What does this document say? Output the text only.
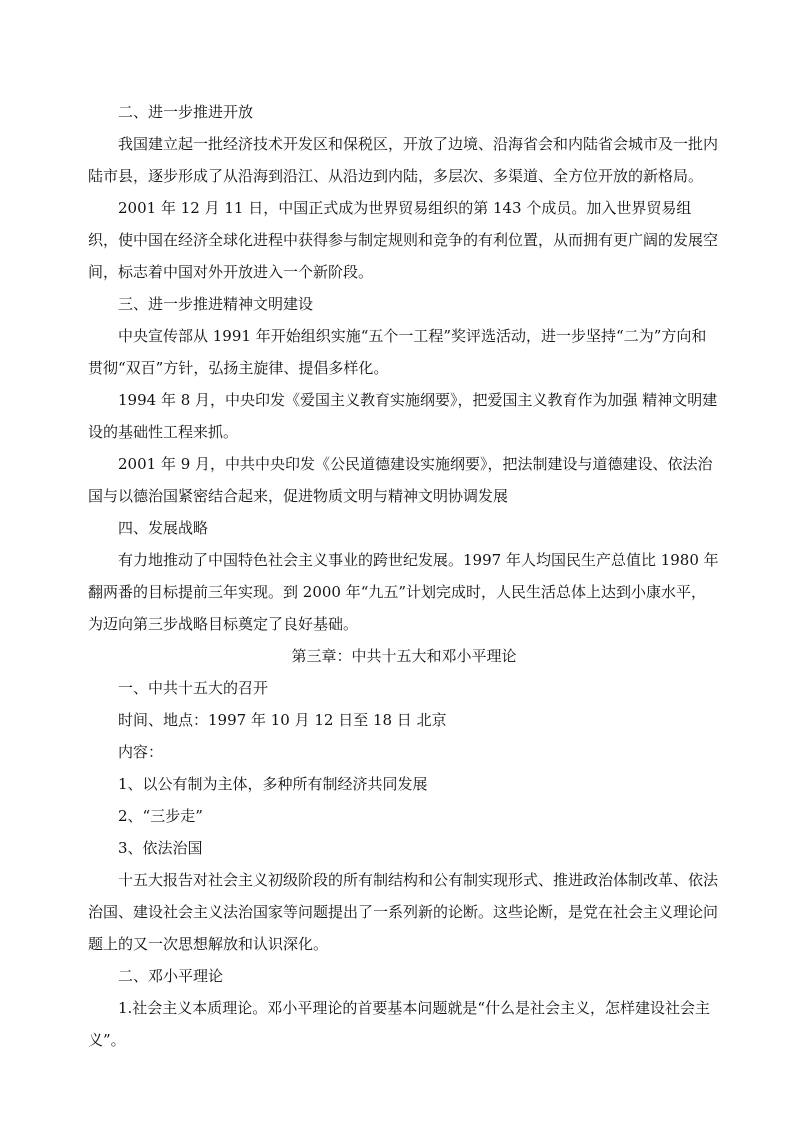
二、进一步推进开放

我国建立起一批经济技术开发区和保税区，开放了边境、沿海省会和内陆省会城市及一批内陆市县，逐步形成了从沿海到沿江、从沿边到内陆，多层次、多渠道、全方位开放的新格局。

2001 年 12 月 11 日，中国正式成为世界贸易组织的第 143 个成员。加入世界贸易组织，使中国在经济全球化进程中获得参与制定规则和竞争的有利位置，从而拥有更广阔的发展空间，标志着中国对外开放进入一个新阶段。

三、进一步推进精神文明建设

中央宣传部从 1991 年开始组织实施“五个一工程”奖评选活动，进一步坚持“二为”方向和贯彻“双百”方针，弘扬主旋律、提倡多样化。

1994 年 8 月，中央印发《爱国主义教育实施纲要》，把爱国主义教育作为加强 精神文明建设的基础性工程来抓。

2001 年 9 月，中共中央印发《公民道德建设实施纲要》，把法制建设与道德建设、依法治国与以德治国紧密结合起来，促进物质文明与精神文明协调发展

四、发展战略

有力地推动了中国特色社会主义事业的跨世纪发展。1997 年人均国民生产总值比 1980 年翻两番的目标提前三年实现。到 2000 年“九五”计划完成时，人民生活总体上达到小康水平，为迈向第三步战略目标奠定了良好基础。

第三章：中共十五大和邓小平理论

一、中共十五大的召开

时间、地点：1997 年 10 月 12 日至 18 日 北京

内容：

1、以公有制为主体，多种所有制经济共同发展

2、“三步走”

3、依法治国

十五大报告对社会主义初级阶段的所有制结构和公有制实现形式、推进政治体制改革、依法治国、建设社会主义法治国家等问题提出了一系列新的论断。这些论断，是党在社会主义理论问题上的又一次思想解放和认识深化。

二、邓小平理论

1.社会主义本质理论。邓小平理论的首要基本问题就是“什么是社会主义，怎样建设社会主义”。
